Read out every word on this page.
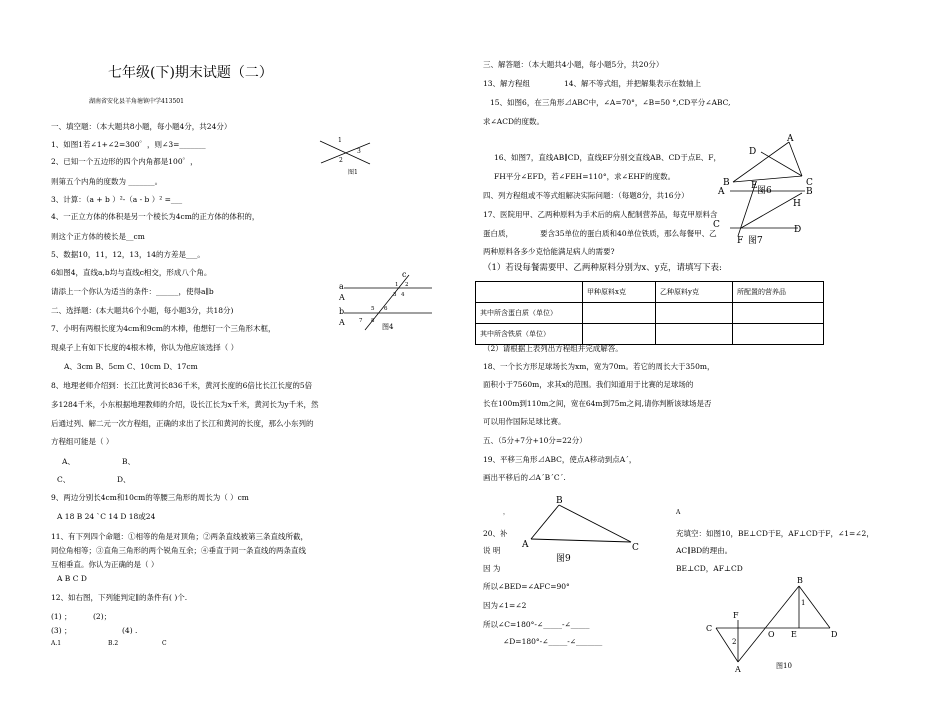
七年级(下)期末试题（二）
湖南省安化县羊角塘镇中学413501
一、填空题：（本大题共8小题，每小题4分，共24分）
1、如图1若∠1+∠2=300゜，则∠3=_______
2、已知一个五边形的四个内角都是100゜，
则第五个内角的度数为 _______。
3、计算：（a + b ）²-（a - b ）² =___
4、一正立方体的体积是另一个棱长为4cm的正方体的体积的，
则这个正方体的棱长是__cm
5、数据10，11，12，13，14的方差是___。
6如图4，直线a,b均与直线c相交，形成八个角。
请添上一个你认为适当的条件：______，使得a∥b
二、选择题：(本大题共6个小题，每小题3分，共18分)
7、小明有两根长度为4cm和9cm的木棒，他想钉一个三角形木框，
现桌子上有如下长度的4根木棒，你认为他应该选择（ ）
A、3cm B、5cm C、10cm D、17cm
8、地理老师介绍到：长江比黄河长836千米，黄河长度的6倍比长江长度的5倍
多1284千米，小东根据地理教师的介绍，设长江长为x千米，黄河长为y千米，然
后通过列、解二元一次方程组，正确的求出了长江和黄河的长度，那么小东列的
方程组可能是（ ）
A、	B、
C、	D、
9、两边分别长4cm和10cm的等腰三角形的周长为（ ）cm
A 18 B 24 `C 14 D 18或24
11、有下列四个命题：①相等的角是对顶角；②两条直线被第三条直线所截，
同位角相等；③直角三角形的两个锐角互余；④垂直于同一条直线的两条直线
互相垂直。你认为正确的是（ ）
A B C D
12、如右图，下列能判定∥的条件有( )个.
(1) ；	(2)；
(3) ；	(4) .
A.1	B.2	C
1
2
3
图1
a
A
b
A
c
1 2
3 4
5 6
7 8
图4
三、解答题：（本大题共4小题，每小题5分，共20分）
13、解方程组	14、解不等式组，并把解集表示在数轴上
15、如图6，在三角形⊿ABC中，∠A=70°，∠B=50 °,CD平分∠ABC,
求∠ACD的度数。
16、如图7，直线AB∥CD，直线EF分别交直线AB、CD于点E、F，
FH平分∠EFD，若∠FEH=110°，求∠EHF的度数。
四、列方程组或不等式组解决实际问题：（每题8分，共16分）
17、医院用甲、乙两种原料为手术后的病人配制营养品，每克甲原料含
蛋白质，	要含35单位的蛋白质和40单位铁质，那么每餐甲、乙
两种原料各多少克恰能满足病人的需要?
（1）若设每餐需要甲、乙两种原料分别为x、y克，请填写下表:
	甲种原料x克	乙种原料y克	所配置的营养品
其中所含蛋白质（单位）			
其中所含铁质（单位）			
（2）请根据上表列出方程组并完成解答。
18、一个长方形足球场长为xm，宽为70m。若它的周长大于350m，
面积小于7560m，求其x的范围。我们知道用于比赛的足球场的
长在100m到110m之间，宽在64m到75m之间,请你判断该球场是否
可以用作国际足球比赛。
五、（5分+7分+10分=22分）
19、平移三角形⊿ABC，使点A移动到点A´，
画出平移后的⊿A´B´C´.
，	A
20、补
说 明
因 为
充填空：如图10，BE⊥CD于E，AF⊥CD于F，∠1=∠2，
AC∥BD的理由。
BE⊥CD，AF⊥CD
所以∠BED=∠AFC=90°
因为∠1=∠2
所以∠C=180°-∠_____-∠_____
∠D=180°-∠_____-∠_______
A
B	C
D
图6
E
A	B
H
C	D
F 图7
B
A	C
图9
B
1
F
C
2
O E	D
A	图10
